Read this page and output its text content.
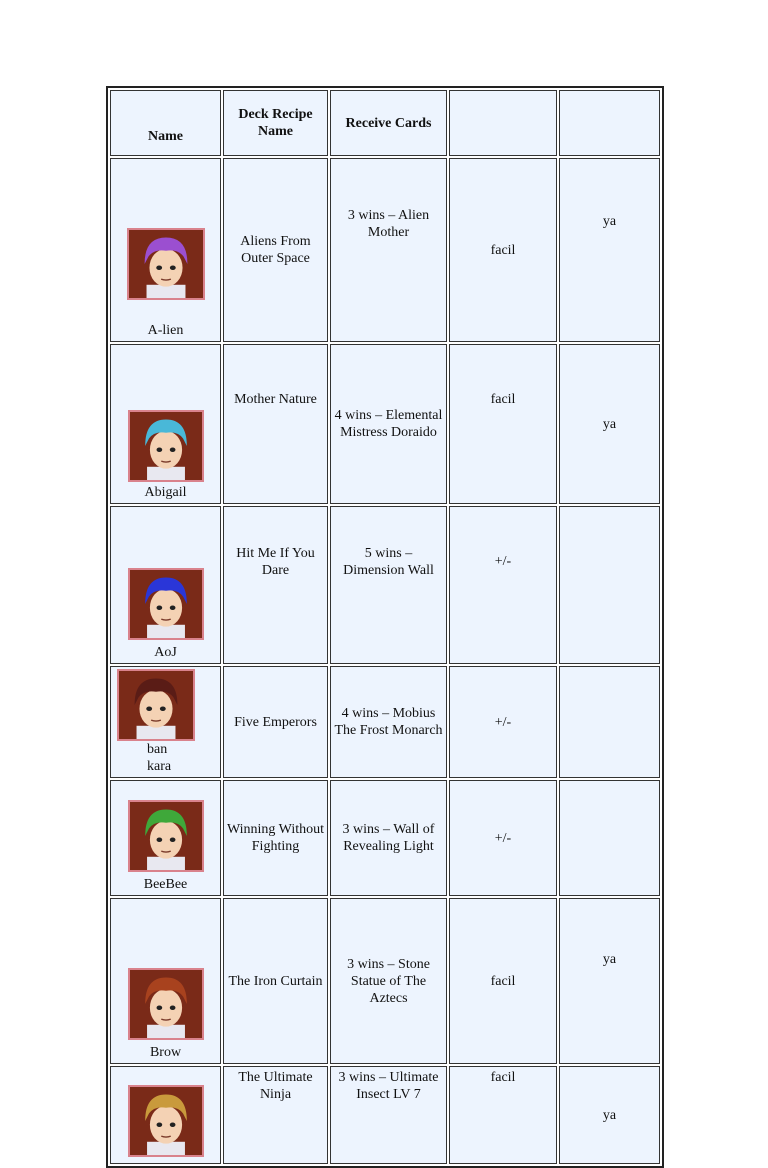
Name	Deck Recipe Name	Receive Cards		

A-lien	Aliens From Outer Space	3 wins – Alien Mother	facil	ya

Abigail	Mother Nature	4 wins – Elemental Mistress Doraido	facil	ya

AoJ	Hit Me If You Dare	5 wins – Dimension Wall	+/-	

ban kara	Five Emperors	4 wins – Mobius The Frost Monarch	+/-	

BeeBee	Winning Without Fighting	3 wins – Wall of Revealing Light	+/-	

Brow	The Iron Curtain	3 wins – Stone Statue of The Aztecs	facil	ya

	The Ultimate Ninja	3 wins – Ultimate Insect LV 7	facil	ya
